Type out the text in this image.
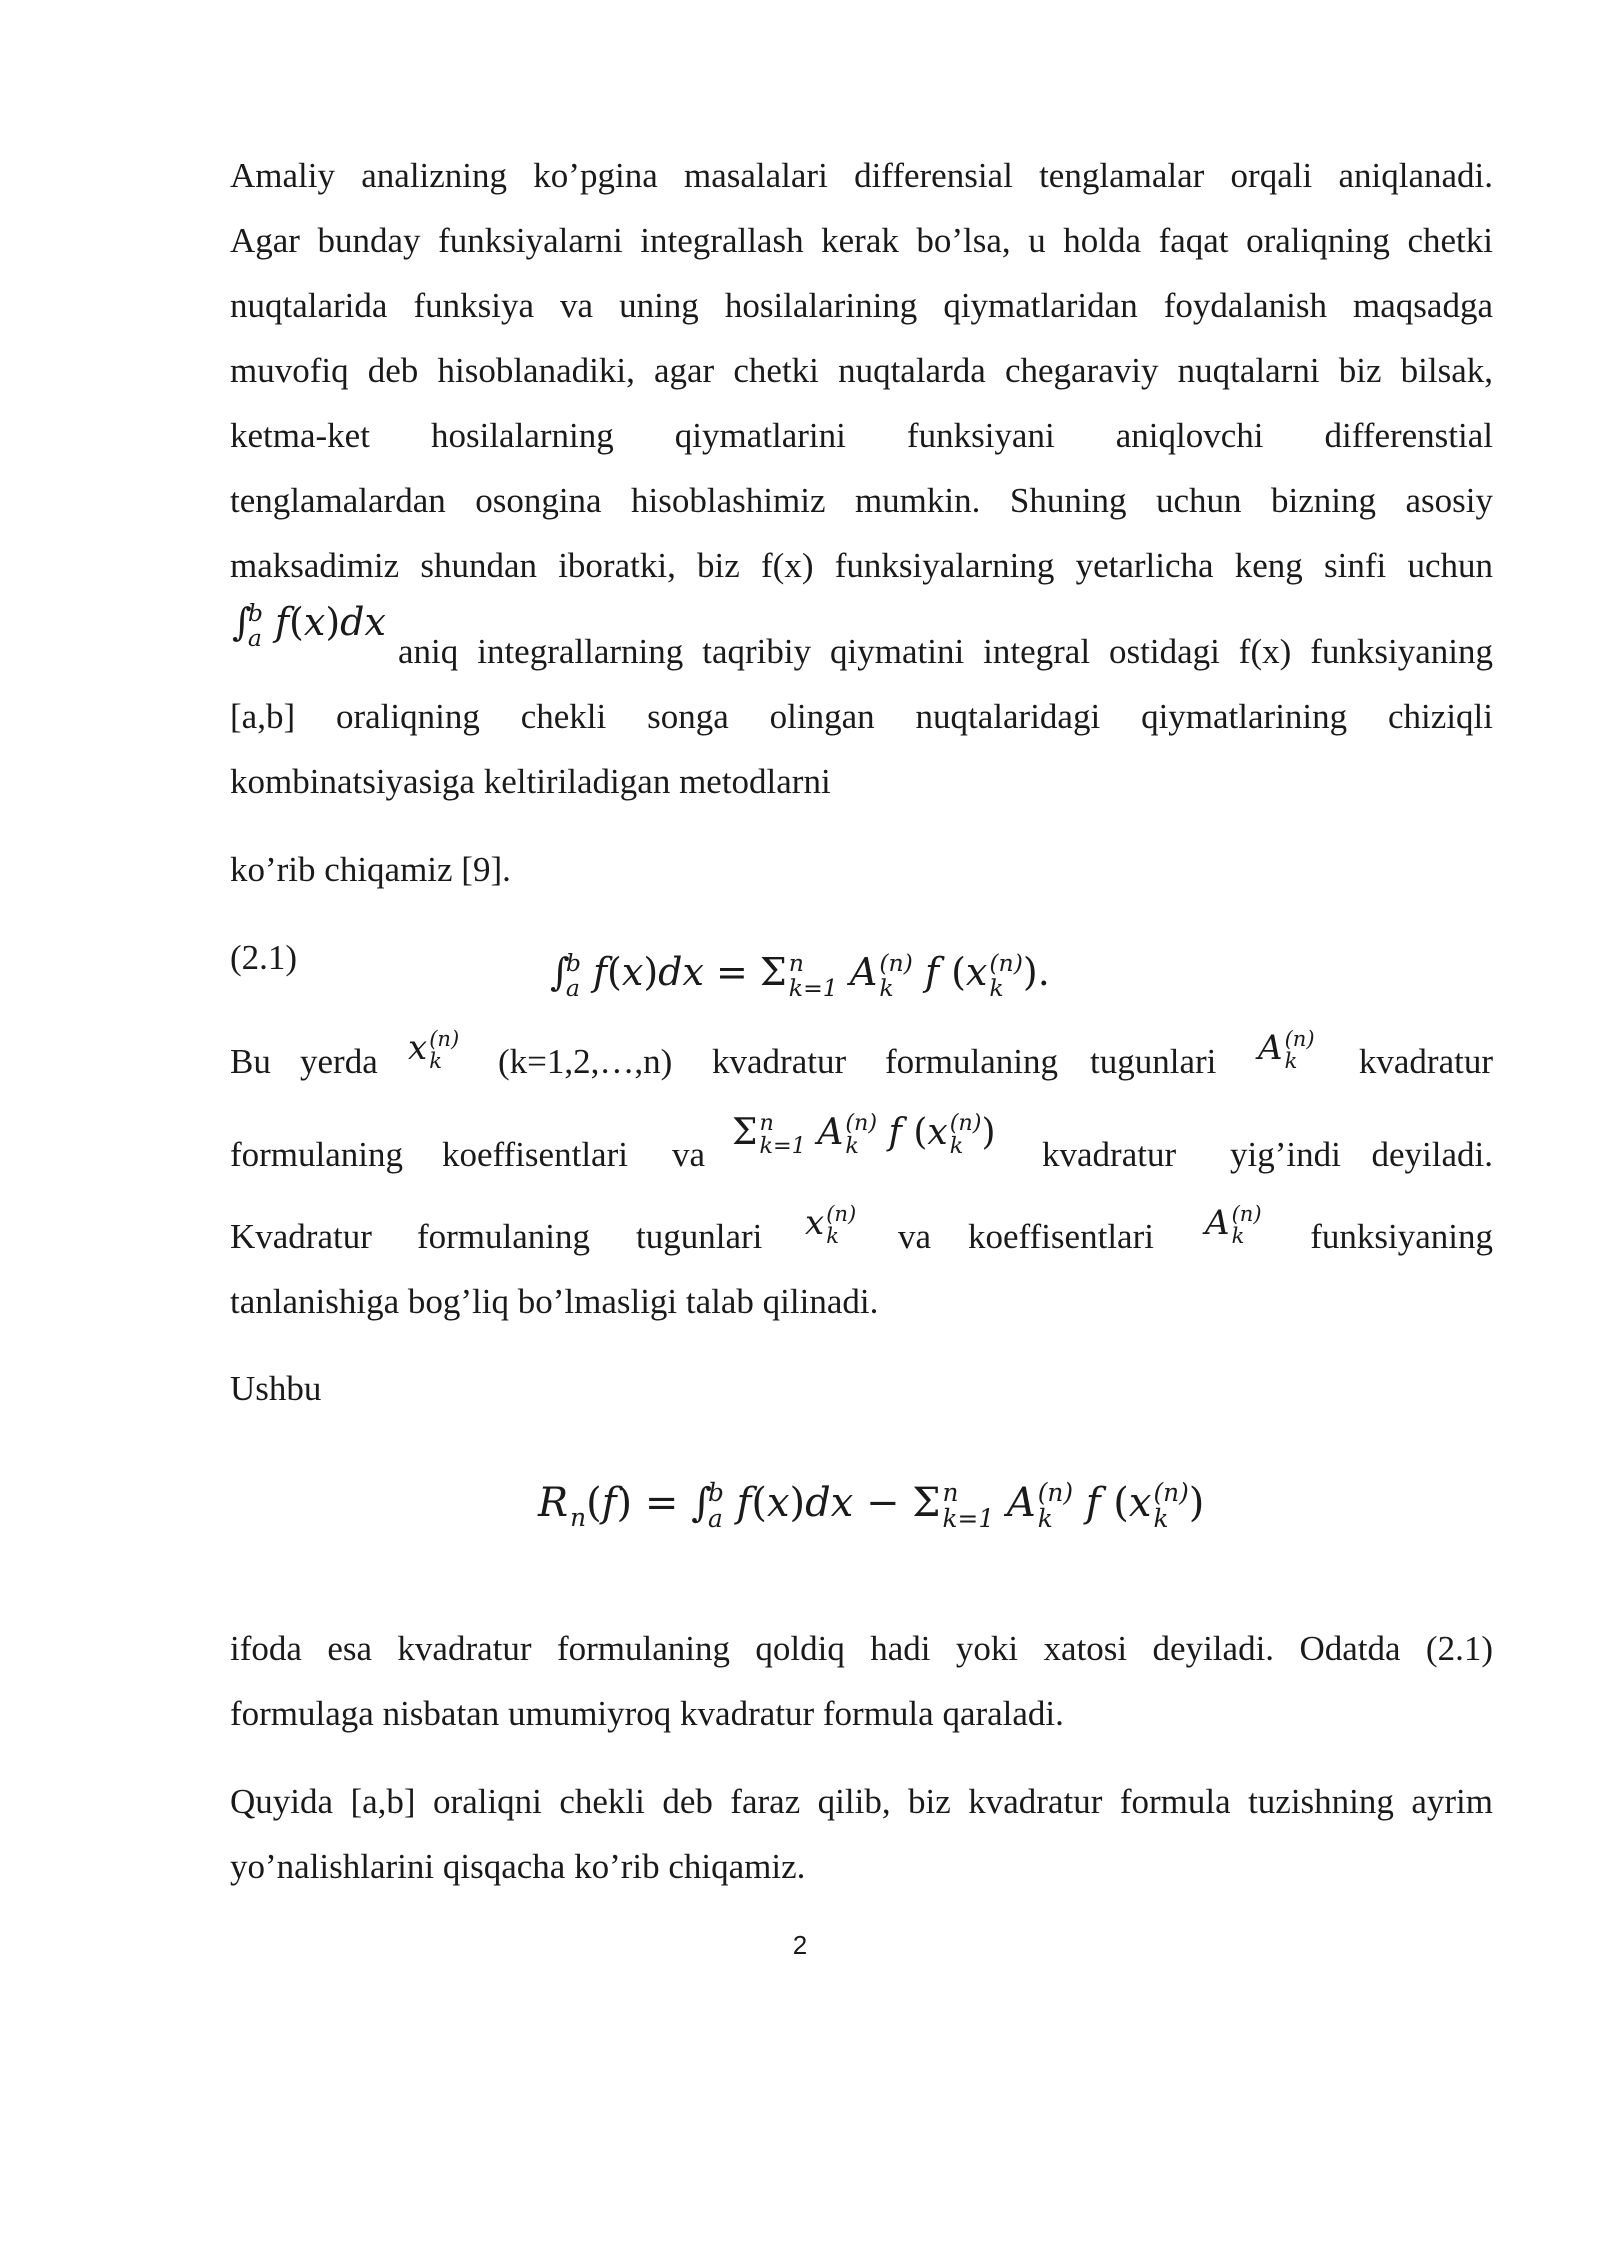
Amaliy analizning ko’pgina masalalari differensial tenglamalar orqali aniqlanadi.
Agar bunday funksiyalarni integrallash kerak bo’lsa, u holda faqat oraliqning chetki
nuqtalarida funksiya va uning hosilalarining qiymatlaridan foydalanish maqsadga
muvofiq deb hisoblanadiki, agar chetki nuqtalarda chegaraviy nuqtalarni biz bilsak,
ketma-ket hosilalarning qiymatlarini funksiyani aniqlovchi differenstial
tenglamalardan osongina hisoblashimiz mumkin. Shuning uchun bizning asosiy
maksadimiz shundan iboratki, biz f(x) funksiyalarning yetarlicha keng sinfi uchun
∫
b
a f(x)dx
aniq integrallarning taqribiy qiymatini integral ostidagi f(x) funksiyaning
[a,b] oraliqning chekli songa olingan nuqtalaridagi qiymatlarining chiziqli
kombinatsiyasiga keltiriladigan metodlarni
ko’rib chiqamiz [9].
(2.1)	∫
b
a f(x)dx = Σ n
k=1 A (n)
k f (x (n)
k ).
Bu yerda x (n)
k	(k=1,2,…,n) kvadratur formulaning tugunlari A (n)
k	kvadratur
formulaning koeffisentlari va
Σ n
k=1 A (n)
k f (x (n)
k )
kvadratur yig’indi deyiladi.
Kvadratur formulaning tugunlari x (n)
k	va koeffisentlari A (n)
k	funksiyaning
tanlanishiga bog’liq bo’lmasligi talab qilinadi.
Ushbu
R n (f) = ∫
b
a f(x)dx − Σ n
k=1 A (n)
k f (x (n)
k )
ifoda esa kvadratur formulaning qoldiq hadi yoki xatosi deyiladi. Odatda (2.1)
formulaga nisbatan umumiyroq kvadratur formula qaraladi.
Quyida [a,b] oraliqni chekli deb faraz qilib, biz kvadratur formula tuzishning ayrim
yo’nalishlarini qisqacha ko’rib chiqamiz.
2
